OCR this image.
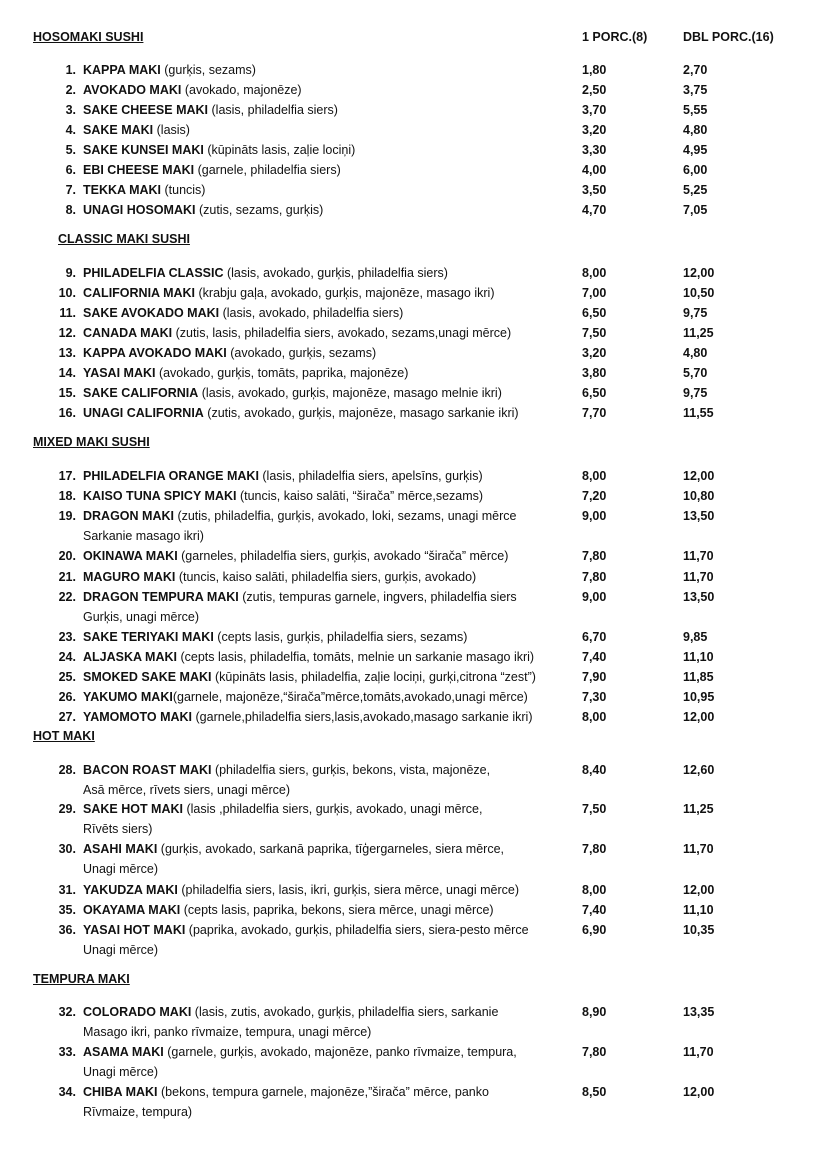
HOSOMAKI SUSHI	1 PORC.(8)	DBL PORC.(16)
1. KAPPA MAKI (gurķis, sezams)	1,80	2,70
2. AVOKADO MAKI (avokado, majonēze)	2,50	3,75
3. SAKE CHEESE MAKI (lasis, philadelfia siers)	3,70	5,55
4. SAKE MAKI (lasis)	3,20	4,80
5. SAKE KUNSEI MAKI (kūpināts lasis, zaļie lociņi)	3,30	4,95
6. EBI CHEESE MAKI (garnele, philadelfia siers)	4,00	6,00
7. TEKKA MAKI (tuncis)	3,50	5,25
8. UNAGI HOSOMAKI (zutis, sezams, gurķis)	4,70	7,05
CLASSIC MAKI SUSHI
9. PHILADELFIA CLASSIC (lasis, avokado, gurķis, philadelfia siers)	8,00	12,00
10. CALIFORNIA MAKI (krabju gaļa, avokado, gurķis, majonēze, masago ikri)	7,00	10,50
11. SAKE AVOKADO MAKI (lasis, avokado, philadelfia siers)	6,50	9,75
12. CANADA MAKI (zutis, lasis, philadelfia siers, avokado, sezams,unagi mērce)	7,50	11,25
13. KAPPA AVOKADO MAKI (avokado, gurķis, sezams)	3,20	4,80
14. YASAI MAKI (avokado, gurķis, tomāts, paprika, majonēze)	3,80	5,70
15. SAKE CALIFORNIA (lasis, avokado, gurķis, majonēze, masago melnie ikri)	6,50	9,75
16. UNAGI CALIFORNIA (zutis, avokado, gurķis, majonēze, masago sarkanie ikri)	7,70	11,55
MIXED MAKI SUSHI
17. PHILADELFIA ORANGE MAKI (lasis, philadelfia siers, apelsīns, gurķis)	8,00	12,00
18. KAISO TUNA SPICY MAKI (tuncis, kaiso salāti, “širača” mērce,sezams)	7,20	10,80
19. DRAGON MAKI (zutis, philadelfia, gurķis, avokado, loki, sezams, unagi mērce
Sarkanie masago ikri)
9,00	13,50
20. OKINAWA MAKI (garneles, philadelfia siers, gurķis, avokado “širača” mērce)	7,80	11,70
21. MAGURO MAKI (tuncis, kaiso salāti, philadelfia siers, gurķis, avokado)	7,80	11,70
22. DRAGON TEMPURA MAKI (zutis, tempuras garnele, ingvers, philadelfia siers
Gurķis, unagi mērce)
9,00	13,50
23. SAKE TERIYAKI MAKI (cepts lasis, gurķis, philadelfia siers, sezams)	6,70	9,85
24. ALJASKA MAKI (cepts lasis, philadelfia, tomāts, melnie un sarkanie masago ikri)	7,40	11,10
25. SMOKED SAKE MAKI (kūpināts lasis, philadelfia, zaļie lociņi, gurķi,citrona “zest”)	7,90	11,85
26. YAKUMO MAKI(garnele, majonēze,“širača”mērce,tomāts,avokado,unagi mērce)	7,30	10,95
27. YAMOMOTO MAKI (garnele,philadelfia siers,lasis,avokado,masago sarkanie ikri)	8,00	12,00
HOT MAKI
28. BACON ROAST MAKI (philadelfia siers, gurķis, bekons, vista, majonēze,
Asā mērce, rīvets siers, unagi mērce)
8,40	12,60
29. SAKE HOT MAKI (lasis ,philadelfia siers, gurķis, avokado, unagi mērce,
Rīvēts siers)
7,50	11,25
30. ASAHI MAKI (gurķis, avokado, sarkanā paprika, tīģergarneles, siera mērce,
Unagi mērce)
7,80	11,70
31. YAKUDZA MAKI (philadelfia siers, lasis, ikri, gurķis, siera mērce, unagi mērce)	8,00	12,00
35. OKAYAMA MAKI (cepts lasis, paprika, bekons, siera mērce, unagi mērce)	7,40	11,10
36. YASAI HOT MAKI (paprika, avokado, gurķis, philadelfia siers, siera-pesto mērce
Unagi mērce)
6,90	10,35
TEMPURA MAKI
32. COLORADO MAKI (lasis, zutis, avokado, gurķis, philadelfia siers, sarkanie
Masago ikri, panko rīvmaize, tempura, unagi mērce)
8,90	13,35
33. ASAMA MAKI (garnele, gurķis, avokado, majonēze, panko rīvmaize, tempura,
Unagi mērce)
7,80	11,70
34. CHIBA MAKI (bekons, tempura garnele, majonēze,”širača” mērce, panko
Rīvmaize, tempura)
8,50	12,00
